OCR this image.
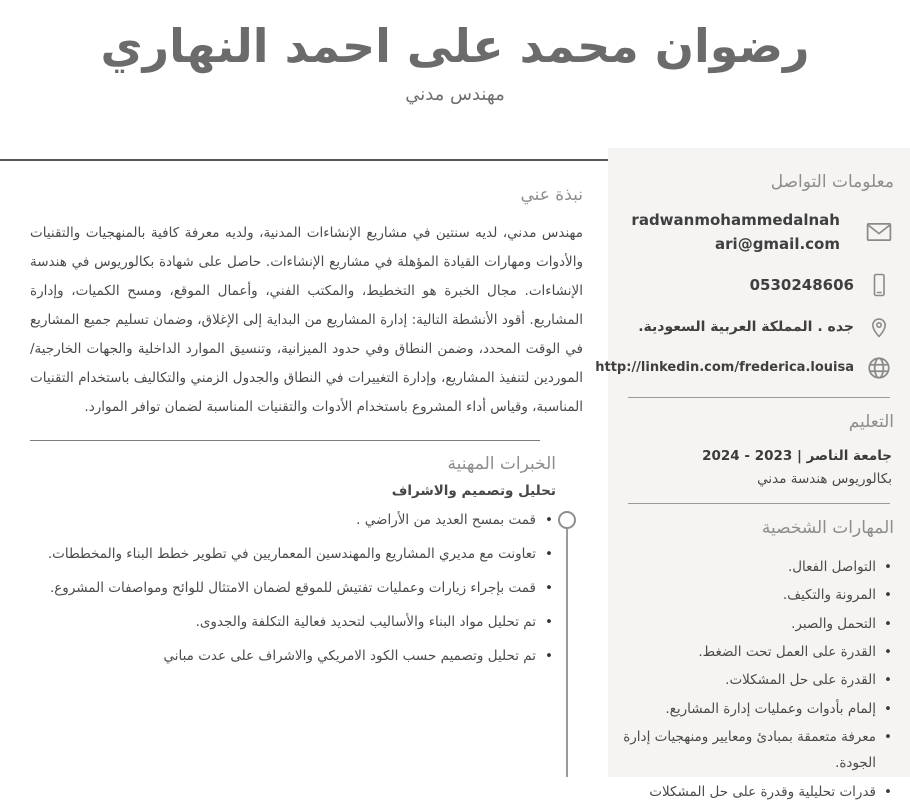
رضوان محمد على احمد النهاري
مهندس مدني
معلومات التواصل
radwanmohammedalnahari@gmail.com
0530248606
جده . المملكة العربية السعودية.
http://linkedin.com/frederica.louisa
التعليم
جامعة الناصر | 2023 - 2024
بكالوريوس هندسة مدني
المهارات الشخصية
• التواصل الفعال.
• المرونة والتكيف.
• التحمل والصبر.
• القدرة على العمل تحت الضغط.
• القدرة على حل المشكلات.
• إلمام بأدوات وعمليات إدارة المشاريع.
• معرفة متعمقة بمبادئ ومعايير ومنهجيات إدارة الجودة.
• قدرات تحليلية وقدرة على حل المشكلات
نبذة عني

مهندس مدني، لديه سنتين في مشاريع الإنشاءات المدنية، ولديه معرفة كافية بالمنهجيات والتقنيات والأدوات ومهارات القيادة المؤهلة في مشاريع الإنشاءات. حاصل على شهادة بكالوريوس في هندسة الإنشاءات. مجال الخبرة هو التخطيط، والمكتب الفني، وأعمال الموقع، ومسح الكميات، وإدارة المشاريع. أقود الأنشطة التالية: إدارة المشاريع من البداية إلى الإغلاق، وضمان تسليم جميع المشاريع في الوقت المحدد، وضمن النطاق وفي حدود الميزانية، وتنسيق الموارد الداخلية والجهات الخارجية/الموردين لتنفيذ المشاريع، وإدارة التغييرات في النطاق والجدول الزمني والتكاليف باستخدام التقنيات المناسبة، وقياس أداء المشروع باستخدام الأدوات والتقنيات المناسبة لضمان توافر الموارد.

الخبرات المهنية
تحليل وتصميم والاشراف
• قمت بمسح العديد من الأراضي .
• تعاونت مع مديري المشاريع والمهندسين المعماريين في تطوير خطط البناء والمخططات.
• قمت بإجراء زيارات وعمليات تفتيش للموقع لضمان الامتثال للوائح ومواصفات المشروع.
• تم تحليل مواد البناء والأساليب لتحديد فعالية التكلفة والجدوى.
• تم تحليل وتصميم حسب الكود الامريكي والاشراف على عدت مباني
